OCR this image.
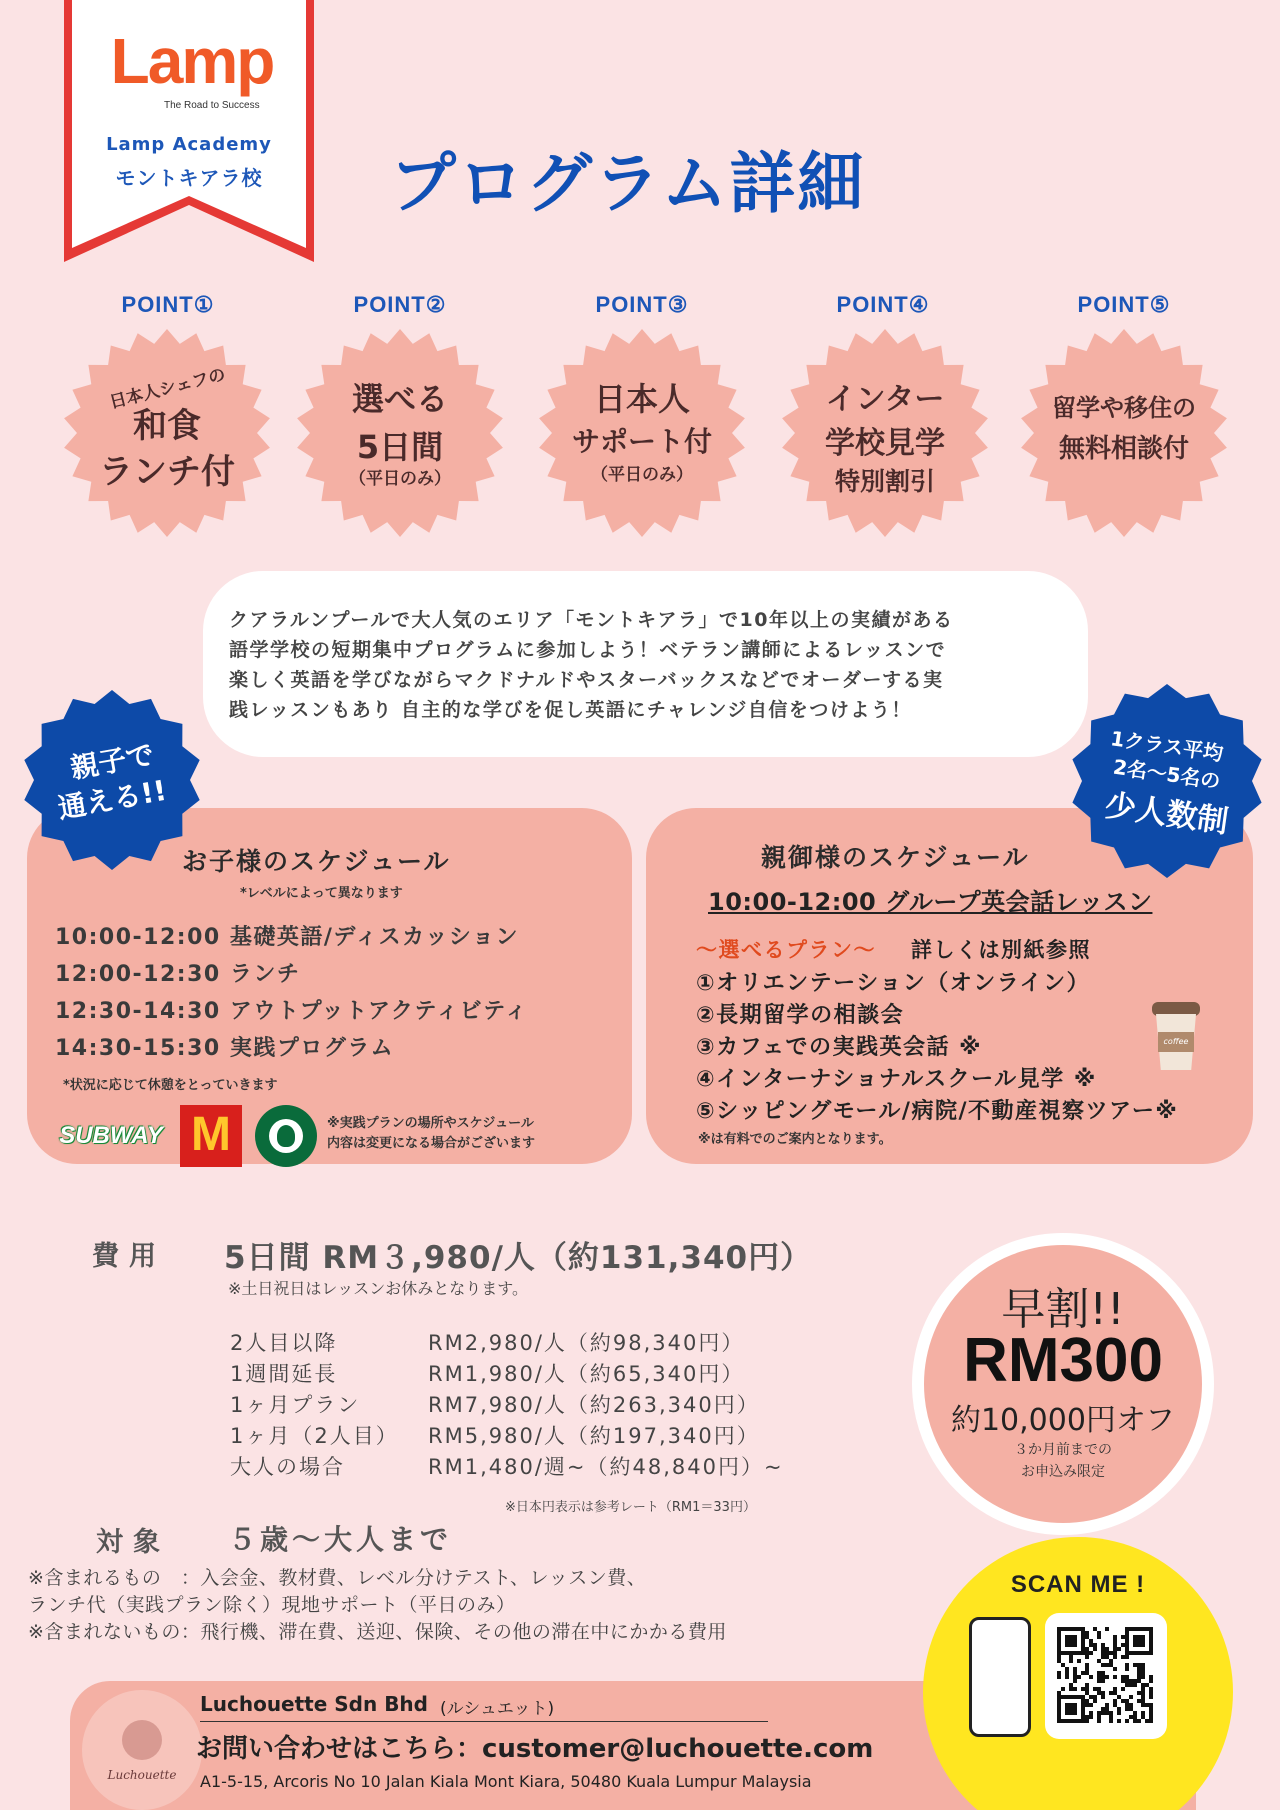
Lamp
The Road to Success
Lamp Academy
モントキアラ校	プログラム詳細
POINT①	POINT②	POINT③	POINT④	POINT⑤
日本人シェフの
和食
ランチ付
選べる
5日間
（平日のみ）
日本人
サポート付
（平日のみ）
インター
学校見学
特別割引
留学や移住の
無料相談付
クアラルンプールで大人気のエリア「モントキアラ」で10年以上の実績がある
語学学校の短期集中プログラムに参加しよう！ベテラン講師によるレッスンで
楽しく英語を学びながらマクドナルドやスターバックスなどでオーダーする実
践レッスンもあり 自主的な学びを促し英語にチャレンジ自信をつけよう！
お子様のスケジュール
*レベルによって異なります
10:00-12:00 基礎英語/ディスカッション
12:00-12:30 ランチ
12:30-14:30 アウトプットアクティビティ
14:30-15:30 実践プログラム
*状況に応じて休憩をとっていきます
SUBWAY M	※実践プランの場所やスケジュール
内容は変更になる場合がございます
親御様のスケジュール
10:00-12:00 グループ英会話レッスン
〜選べるプラン〜 詳しくは別紙参照
①オリエンテーション（オンライン）
②長期留学の相談会
③カフェでの実践英会話 ※
④インターナショナルスクール見学 ※
⑤シッピングモール/病院/不動産視察ツアー※
※は有料でのご案内となります。
coffee
親子で
通える!!
1クラス平均
2名〜5名の
少人数制
費用 5日間 RM３,980/人（約131,340円）
※土日祝日はレッスンお休みとなります。
2人目以降	RM2,980/人（約98,340円）
1週間延長	RM1,980/人（約65,340円）
1ヶ月プラン	RM7,980/人（約263,340円）
1ヶ月（2人目） RM5,980/人（約197,340円）
大人の場合	RM1,480/週~（約48,840円）~
※日本円表示は参考レート（RM1＝33円）
対象 ５歳〜大人まで
※含まれるもの　：入会金、教材費、レベル分けテスト、レッスン費、
ランチ代（実践プラン除く）現地サポート（平日のみ）
※含まれないもの：飛行機、滞在費、送迎、保険、その他の滞在中にかかる費用
早割!!
RM300
約10,000円オフ
３か月前までの
お申込み限定
Luchouette
Luchouette Sdn Bhd (ルシュエット)
お問い合わせはこちら：customer@luchouette.com
A1-5-15, Arcoris No 10 Jalan Kiala Mont Kiara, 50480 Kuala Lumpur Malaysia
SCAN ME !
